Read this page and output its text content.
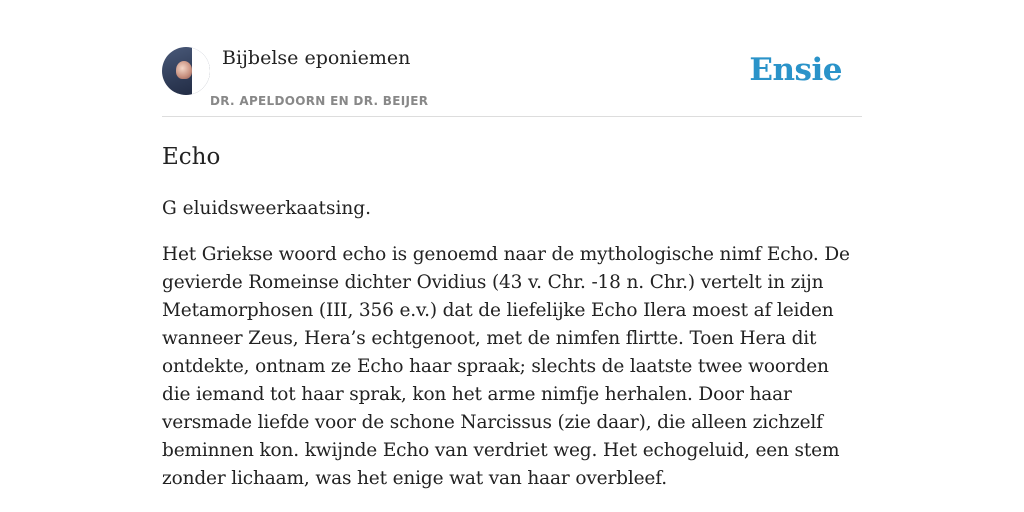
Bijbelse eponiemen
DR. APELDOORN EN DR. BEIJER
Ensie
Echo

G eluidsweerkaatsing.

Het Griekse woord echo is genoemd naar de mythologische nimf Echo. De gevierde Romeinse dichter Ovidius (43 v. Chr. -18 n. Chr.) vertelt in zijn Metamorphosen (III, 356 e.v.) dat de liefelijke Echo Ilera moest af leiden wanneer Zeus, Hera’s echtgenoot, met de nimfen flirtte. Toen Hera dit ontdekte, ontnam ze Echo haar spraak; slechts de laatste twee woorden die iemand tot haar sprak, kon het arme nimfje herhalen. Door haar versmade liefde voor de schone Narcissus (zie daar), die alleen zichzelf beminnen kon. kwijnde Echo van verdriet weg. Het echogeluid, een stem zonder lichaam, was het enige wat van haar overbleef.
